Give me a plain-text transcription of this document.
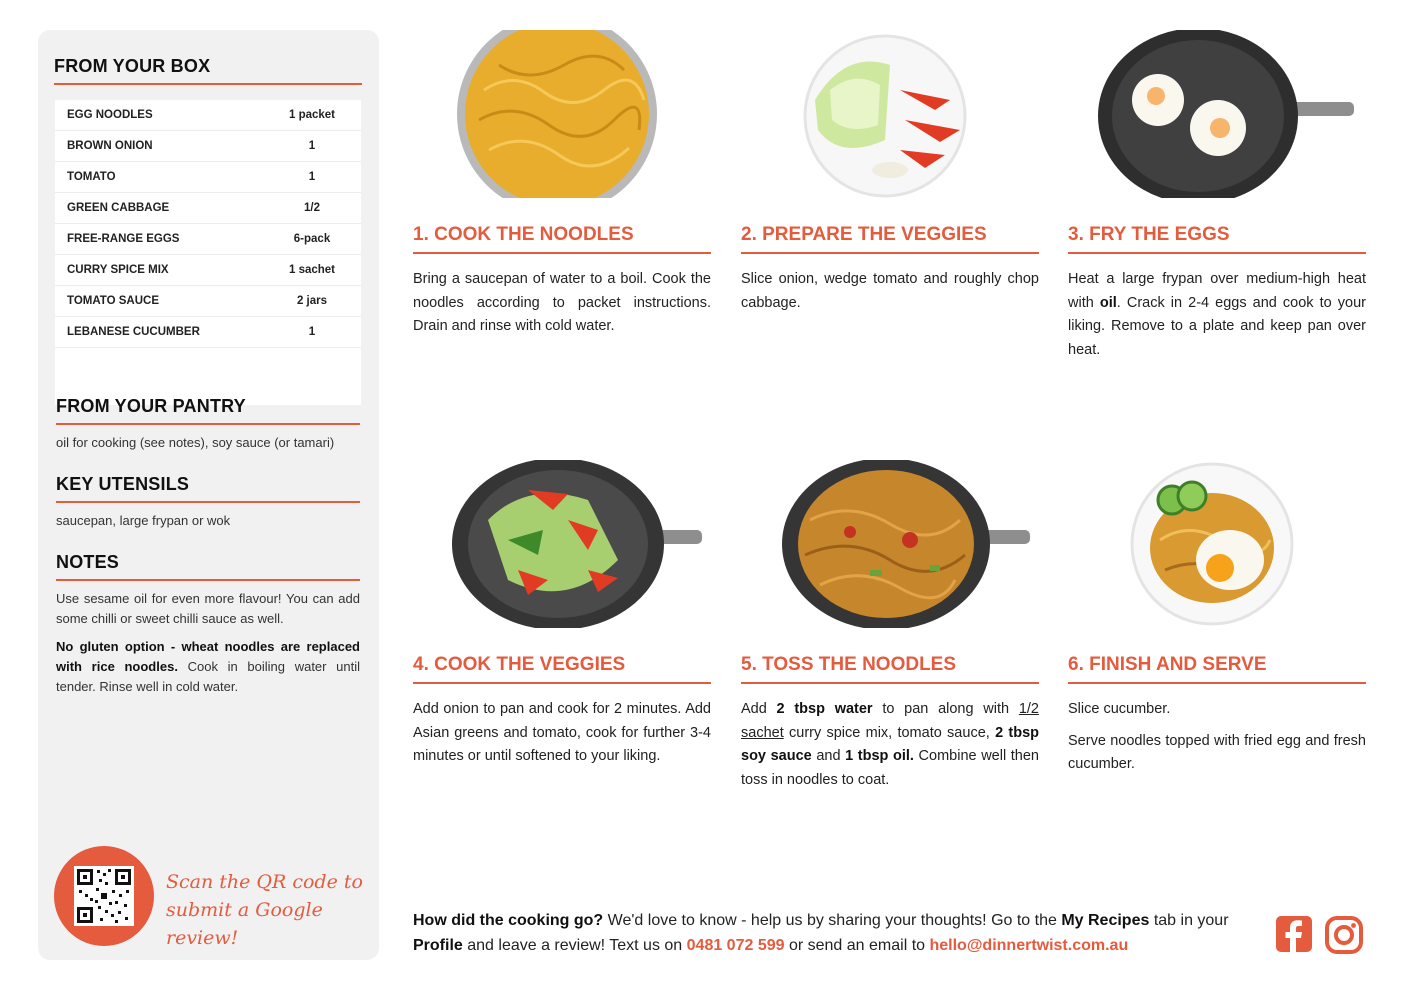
FROM YOUR BOX
EGG NOODLES	1 packet
BROWN ONION	1
TOMATO	1
GREEN CABBAGE	1/2
FREE-RANGE EGGS	6-pack
CURRY SPICE MIX	1 sachet
TOMATO SAUCE	2 jars
LEBANESE CUCUMBER	1
FROM YOUR PANTRY
oil for cooking (see notes), soy sauce (or tamari)
KEY UTENSILS
saucepan, large frypan or wok
NOTES

Use sesame oil for even more flavour! You can add some chilli or sweet chilli sauce as well.

No gluten option - wheat noodles are replaced with rice noodles. Cook in boiling water until tender. Rinse well in cold water.

Scan the QR code to
submit a Google review!
1. COOK THE NOODLES
Bring a saucepan of water to a boil. Cook the noodles according to packet instructions. Drain and rinse with cold water.
2. PREPARE THE VEGGIES
Slice onion, wedge tomato and roughly chop cabbage.
3. FRY THE EGGS
Heat a large frypan over medium-high heat with oil. Crack in 2-4 eggs and cook to your liking. Remove to a plate and keep pan over heat.
4. COOK THE VEGGIES
Add onion to pan and cook for 2 minutes. Add Asian greens and tomato, cook for further 3-4 minutes or until softened to your liking.
5. TOSS THE NOODLES
Add 2 tbsp water to pan along with 1/2 sachet curry spice mix, tomato sauce, 2 tbsp soy sauce and 1 tbsp oil. Combine well then toss in noodles to coat.
6. FINISH AND SERVE

Slice cucumber.

Serve noodles topped with fried egg and fresh cucumber.

How did the cooking go? We'd love to know - help us by sharing your thoughts! Go to the My Recipes tab in your Profile and leave a review! Text us on 0481 072 599 or send an email to hello@dinnertwist.com.au
